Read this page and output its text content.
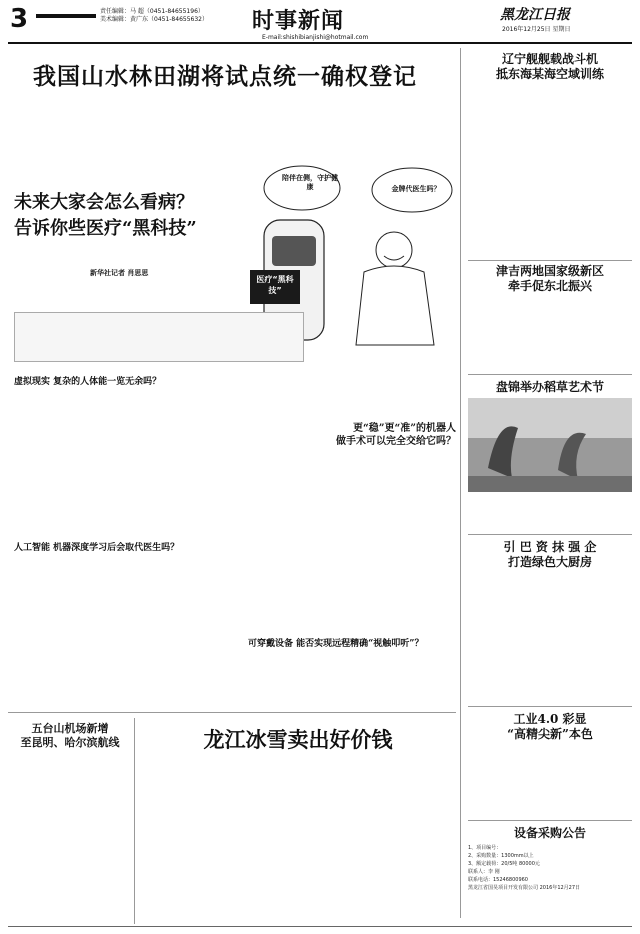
3	责任编辑：马 超（0451-84655196）
美术编辑：黄广东（0451-84655632） 时事新闻
E-mail:shishibianjishi@hotmail.com
黑龙江日报
2016年12月25日 星期日
我国山水林田湖将试点统一确权登记
未来大家会怎么看病？
告诉你些医疗“黑科技”
新华社记者 肖思思
陪伴在侧，守护健康	金牌代医生吗？
医疗“黑科技”
虚拟现实 复杂的人体能一览无余吗？
人工智能 机器深度学习后会取代医生吗？
更“稳”更“准”的机器人
做手术可以完全交给它吗？
可穿戴设备 能否实现远程精确“视触叩听”？
五台山机场新增
至昆明、哈尔滨航线	龙江冰雪卖出好价钱
辽宁舰舰载战斗机
抵东海某海空域训练
津吉两地国家级新区
牵手促东北振兴
盘锦举办稻草艺术节
引 巴 资 抹 强 企
打造绿色大厨房
工业4.0 彩显
“高精尖新”本色
设备采购公告
1、项目编号：
2、采购数量：1300mm以上
3、额定载荷：20/5吨 80000元
联系人：李 刚
联系电话：15246800960
黑龙江省国昊项目开发有限公司 2016年12月27日
